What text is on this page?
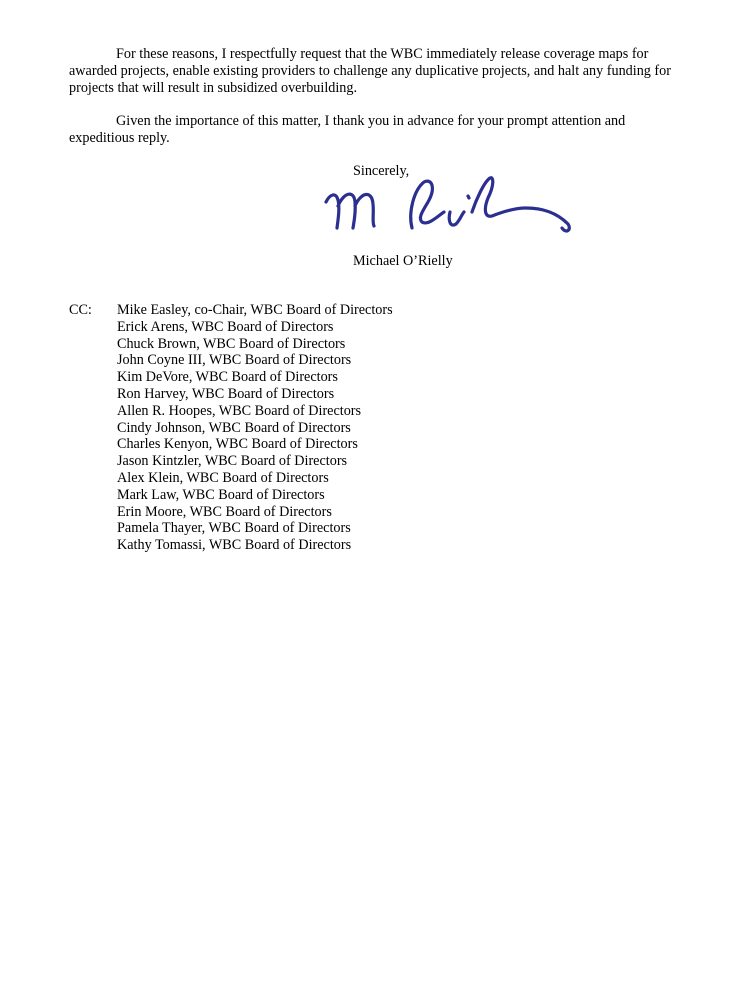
For these reasons, I respectfully request that the WBC immediately release coverage maps for
awarded projects, enable existing providers to challenge any duplicative projects, and halt any funding for
projects that will result in subsidized overbuilding.

Given the importance of this matter, I thank you in advance for your prompt attention and
expeditious reply.

Sincerely,
Michael O’Rielly
CC: Mike Easley, co-Chair, WBC Board of Directors
Erick Arens, WBC Board of Directors
Chuck Brown, WBC Board of Directors
John Coyne III, WBC Board of Directors
Kim DeVore, WBC Board of Directors
Ron Harvey, WBC Board of Directors
Allen R. Hoopes, WBC Board of Directors
Cindy Johnson, WBC Board of Directors
Charles Kenyon, WBC Board of Directors
Jason Kintzler, WBC Board of Directors
Alex Klein, WBC Board of Directors
Mark Law, WBC Board of Directors
Erin Moore, WBC Board of Directors
Pamela Thayer, WBC Board of Directors
Kathy Tomassi, WBC Board of Directors
